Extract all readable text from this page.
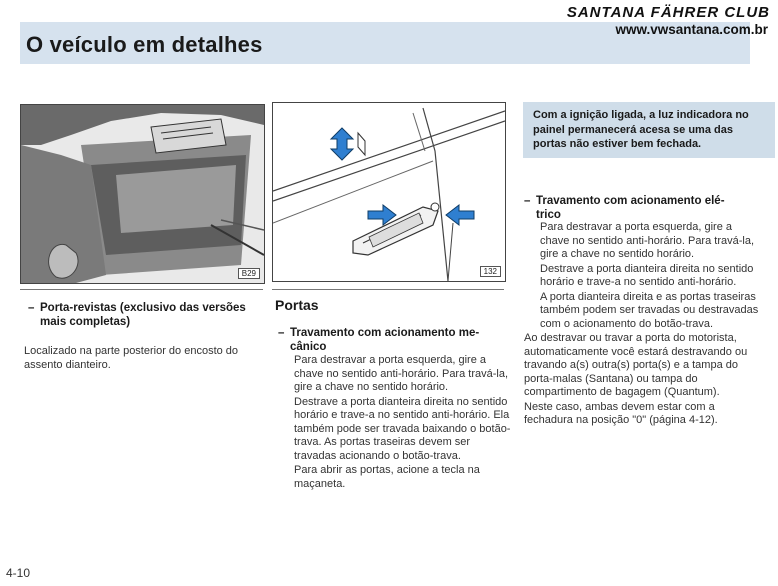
O veículo em detalhes
SANTANA FÄHRER CLUB
www.vwsantana.com.br
B29	132
– Porta-revistas (exclusivo das versões
mais completas)
Localizado na parte posterior do encosto do assento dianteiro.
Portas
– Travamento com acionamento me-
cânico

Para destravar a porta esquerda, gire a chave no sentido anti-horário. Para travá-la, gire a chave no sentido horário.

Destrave a porta dianteira direita no sentido horário e trave-a no sentido anti-horário. Ela também pode ser travada baixando o botão-trava. As portas traseiras devem ser travadas acionando o botão-trava.

Para abrir as portas, acione a tecla na maçaneta.

Com a ignição ligada, a luz indicadora no painel permanecerá acesa se uma das portas não estiver bem fechada.
– Travamento com acionamento elé-
trico

Para destravar a porta esquerda, gire a chave no sentido anti-horário. Para travá-la, gire a chave no sentido horário.

Destrave a porta dianteira direita no sentido horário e trave-a no sentido anti-horário.

A porta dianteira direita e as portas traseiras também podem ser travadas ou destravadas com o acionamento do botão-trava.

Ao destravar ou travar a porta do motorista, automaticamente você estará destravando ou travando a(s) outra(s) porta(s) e a tampa do porta-malas (Santana) ou tampa do compartimento de bagagem (Quantum).

Neste caso, ambas devem estar com a fechadura na posição "0" (página 4-12).

4-10
